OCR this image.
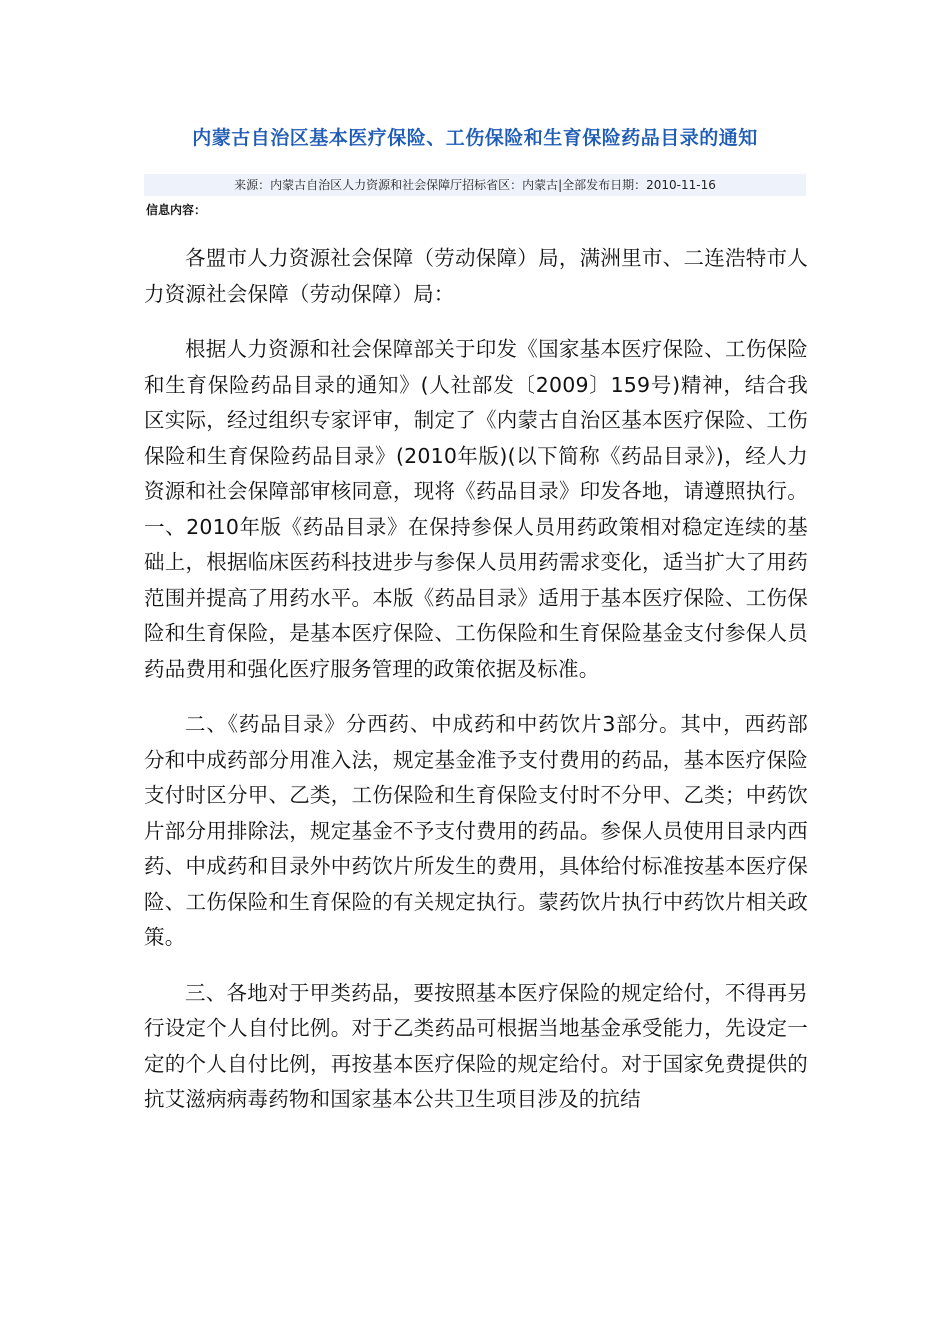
内蒙古自治区基本医疗保险、工伤保险和生育保险药品目录的通知
来源：内蒙古自治区人力资源和社会保障厅招标省区：内蒙古|全部发布日期：2010-11-16
信息内容：

各盟市人力资源社会保障（劳动保障）局，满洲里市、二连浩特市人力资源社会保障（劳动保障）局：

根据人力资源和社会保障部关于印发《国家基本医疗保险、工伤保险和生育保险药品目录的通知》(人社部发〔2009〕159号)精神，结合我区实际，经过组织专家评审，制定了《内蒙古自治区基本医疗保险、工伤保险和生育保险药品目录》(2010年版)(以下简称《药品目录》)，经人力资源和社会保障部审核同意，现将《药品目录》印发各地，请遵照执行。一、2010年版《药品目录》在保持参保人员用药政策相对稳定连续的基础上，根据临床医药科技进步与参保人员用药需求变化，适当扩大了用药范围并提高了用药水平。本版《药品目录》适用于基本医疗保险、工伤保险和生育保险，是基本医疗保险、工伤保险和生育保险基金支付参保人员药品费用和强化医疗服务管理的政策依据及标准。

二、《药品目录》分西药、中成药和中药饮片3部分。其中，西药部分和中成药部分用准入法，规定基金准予支付费用的药品，基本医疗保险支付时区分甲、乙类，工伤保险和生育保险支付时不分甲、乙类；中药饮片部分用排除法，规定基金不予支付费用的药品。参保人员使用目录内西药、中成药和目录外中药饮片所发生的费用，具体给付标准按基本医疗保险、工伤保险和生育保险的有关规定执行。蒙药饮片执行中药饮片相关政策。

三、各地对于甲类药品，要按照基本医疗保险的规定给付，不得再另行设定个人自付比例。对于乙类药品可根据当地基金承受能力，先设定一定的个人自付比例，再按基本医疗保险的规定给付。对于国家免费提供的抗艾滋病病毒药物和国家基本公共卫生项目涉及的抗结
